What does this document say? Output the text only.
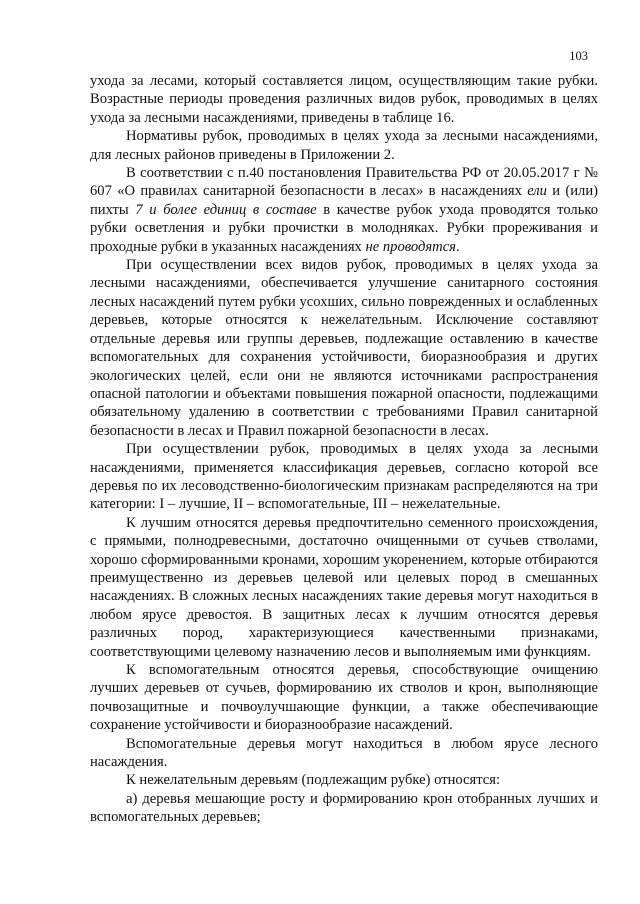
103

ухода за лесами, который составляется лицом, осуществляющим такие рубки. Возрастные периоды проведения различных видов рубок, проводимых в целях ухода за лесными насаждениями, приведены в таблице 16.

Нормативы рубок, проводимых в целях ухода за лесными насаждениями, для лесных районов приведены в Приложении 2.

В соответствии с п.40 постановления Правительства РФ от 20.05.2017 г № 607 «О правилах санитарной безопасности в лесах» в насаждениях ели и (или) пихты 7 и более единиц в составе в качестве рубок ухода проводятся только рубки осветления и рубки прочистки в молодняках. Рубки прореживания и проходные рубки в указанных насаждениях не проводятся.

При осуществлении всех видов рубок, проводимых в целях ухода за лесными насаждениями, обеспечивается улучшение санитарного состояния лесных насаждений путем рубки усохших, сильно поврежденных и ослабленных деревьев, которые относятся к нежелательным. Исключение составляют отдельные деревья или группы деревьев, подлежащие оставлению в качестве вспомогательных для сохранения устойчивости, биоразнообразия и других экологических целей, если они не являются источниками распространения опасной патологии и объектами повышения пожарной опасности, подлежащими обязательному удалению в соответствии с требованиями Правил санитарной безопасности в лесах и Правил пожарной безопасности в лесах.

При осуществлении рубок, проводимых в целях ухода за лесными насаждениями, применяется классификация деревьев, согласно которой все деревья по их лесоводственно-биологическим признакам распределяются на три категории: I – лучшие, II – вспомогательные, III – нежелательные.

К лучшим относятся деревья предпочтительно семенного происхождения, с прямыми, полнодревесными, достаточно очищенными от сучьев стволами, хорошо сформированными кронами, хорошим укоренением, которые отбираются преимущественно из деревьев целевой или целевых пород в смешанных насаждениях. В сложных лесных насаждениях такие деревья могут находиться в любом ярусе древостоя. В защитных лесах к лучшим относятся деревья различных пород, характеризующиеся качественными признаками, соответствующими целевому назначению лесов и выполняемым ими функциям.

К вспомогательным относятся деревья, способствующие очищению лучших деревьев от сучьев, формированию их стволов и крон, выполняющие почвозащитные и почвоулучшающие функции, а также обеспечивающие сохранение устойчивости и биоразнообразие насаждений.

Вспомогательные деревья могут находиться в любом ярусе лесного насаждения.

К нежелательным деревьям (подлежащим рубке) относятся:

а) деревья мешающие росту и формированию крон отобранных лучших и вспомогательных деревьев;
